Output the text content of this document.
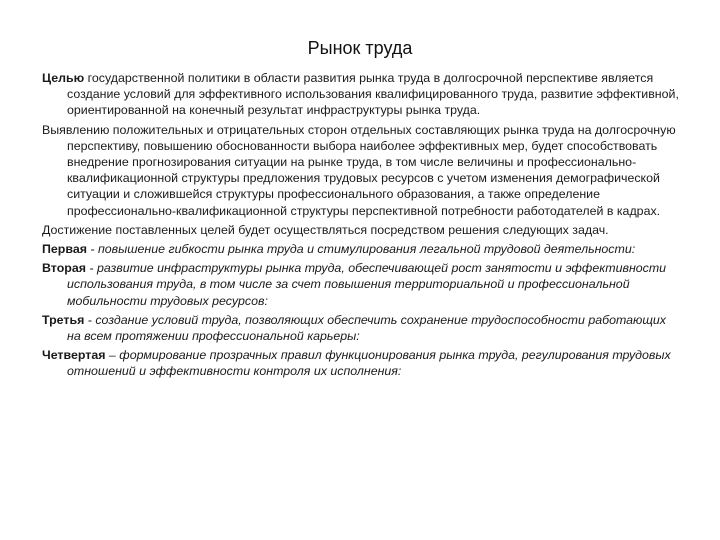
Рынок труда

Целью государственной политики в области развития рынка труда в долгосрочной перспективе является создание условий для эффективного использования квалифицированного труда, развитие эффективной, ориентированной на конечный результат инфраструктуры рынка труда.

Выявлению положительных и отрицательных сторон отдельных составляющих рынка труда на долгосрочную перспективу, повышению обоснованности выбора наиболее эффективных мер, будет способствовать внедрение прогнозирования ситуации на рынке труда, в том числе величины и профессионально-квалификационной структуры предложения трудовых ресурсов с учетом изменения демографической ситуации и сложившейся структуры профессионального образования, а также определение профессионально-квалификационной структуры перспективной потребности работодателей в кадрах.

Достижение поставленных целей будет осуществляться посредством решения следующих задач.

Первая - повышение гибкости рынка труда и стимулирования легальной трудовой деятельности:

Вторая - развитие инфраструктуры рынка труда, обеспечивающей рост занятости и эффективности использования труда, в том числе за счет повышения территориальной и профессиональной мобильности трудовых ресурсов:

Третья - создание условий труда, позволяющих обеспечить сохранение трудоспособности работающих на всем протяжении профессиональной карьеры:

Четвертая – формирование прозрачных правил функционирования рынка труда, регулирования трудовых отношений и эффективности контроля их исполнения:
